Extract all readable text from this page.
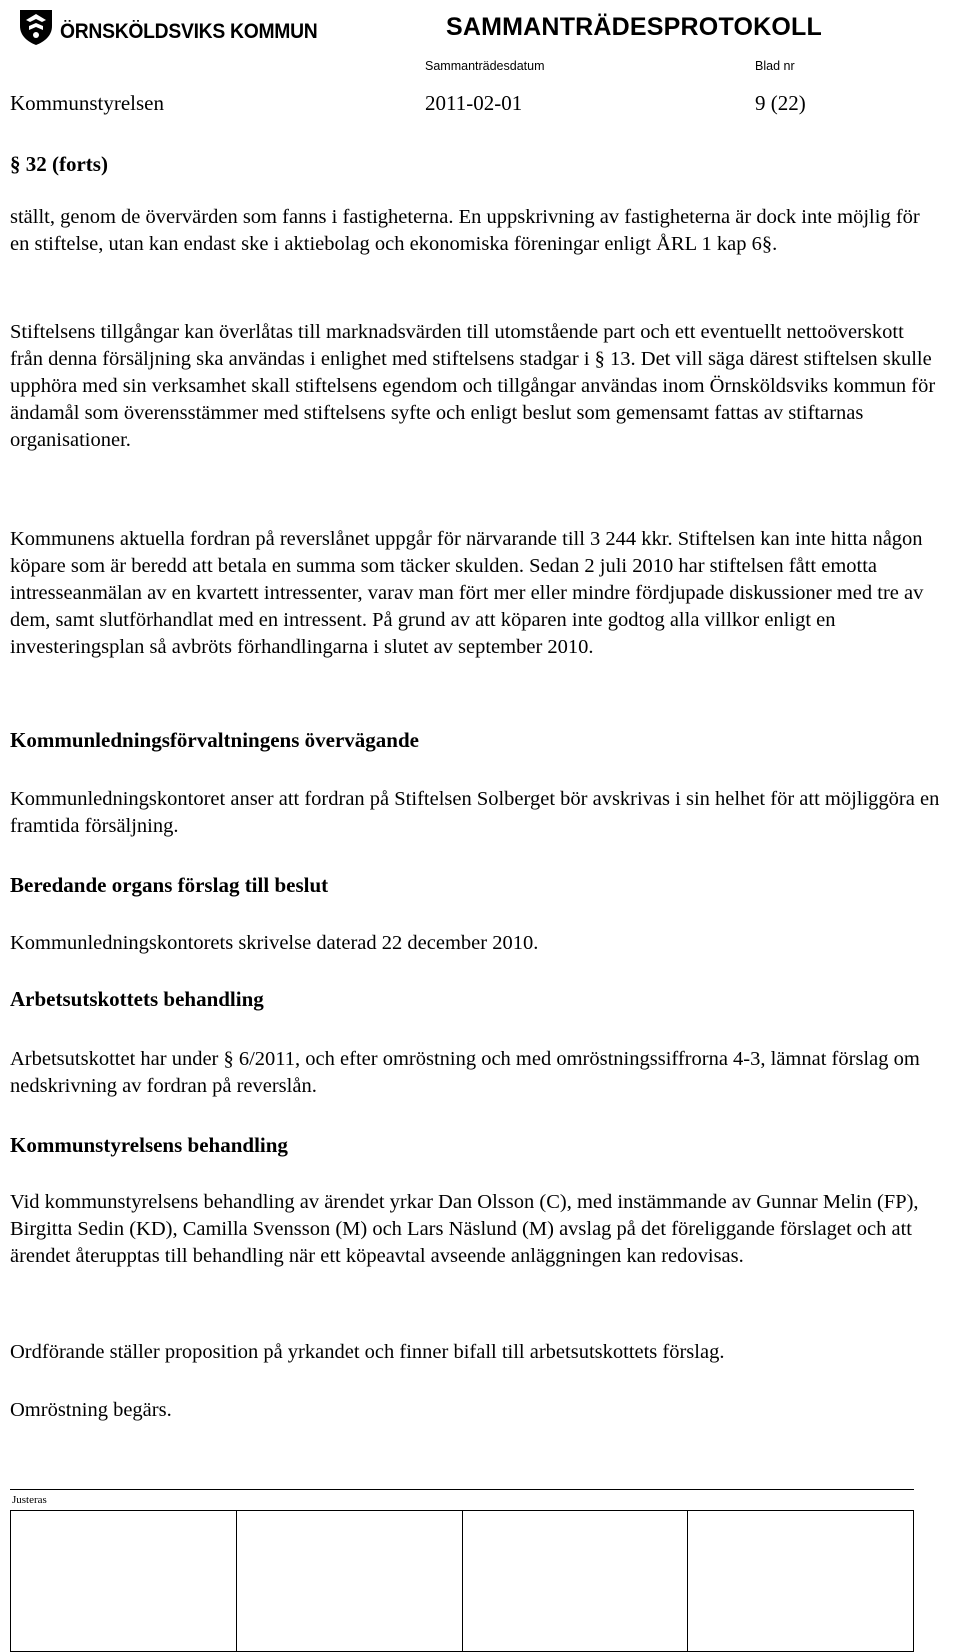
ÖRNSKÖLDSVIKS KOMMUN	SAMMANTRÄDESPROTOKOLL
Sammanträdesdatum	Blad nr
Kommunstyrelsen	2011-02-01	9 (22)
§ 32 (forts)

ställt, genom de övervärden som fanns i fastigheterna. En uppskrivning av fastigheterna är dock inte möjlig för en stiftelse, utan kan endast ske i aktiebolag och ekonomiska föreningar enligt ÅRL 1 kap 6§.

Stiftelsens tillgångar kan överlåtas till marknadsvärden till utomstående part och ett eventuellt nettoöverskott från denna försäljning ska användas i enlighet med stiftelsens stadgar i § 13. Det vill säga därest stiftelsen skulle upphöra med sin verksamhet skall stiftelsens egendom och tillgångar användas inom Örnsköldsviks kommun för ändamål som överensstämmer med stiftelsens syfte och enligt beslut som gemensamt fattas av stiftarnas organisationer.

Kommunens aktuella fordran på reverslånet uppgår för närvarande till 3 244 kkr. Stiftelsen kan inte hitta någon köpare som är beredd att betala en summa som täcker skulden. Sedan 2 juli 2010 har stiftelsen fått emotta intresseanmälan av en kvartett intressenter, varav man fört mer eller mindre fördjupade diskussioner med tre av dem, samt slutförhandlat med en intressent. På grund av att köparen inte godtog alla villkor enligt en investeringsplan så avbröts förhandlingarna i slutet av september 2010.

Kommunledningsförvaltningens övervägande

Kommunledningskontoret anser att fordran på Stiftelsen Solberget bör avskrivas i sin helhet för att möjliggöra en framtida försäljning.

Beredande organs förslag till beslut

Kommunledningskontorets skrivelse daterad 22 december 2010.

Arbetsutskottets behandling

Arbetsutskottet har under § 6/2011, och efter omröstning och med omröstningssiffrorna 4-3, lämnat förslag om nedskrivning av fordran på reverslån.

Kommunstyrelsens behandling

Vid kommunstyrelsens behandling av ärendet yrkar Dan Olsson (C), med instämmande av Gunnar Melin (FP), Birgitta Sedin (KD), Camilla Svensson (M) och Lars Näslund (M) avslag på det föreliggande förslaget och att ärendet återupptas till behandling när ett köpeavtal avseende anläggningen kan redovisas.

Ordförande ställer proposition på yrkandet och finner bifall till arbetsutskottets förslag.

Omröstning begärs.

Justeras
